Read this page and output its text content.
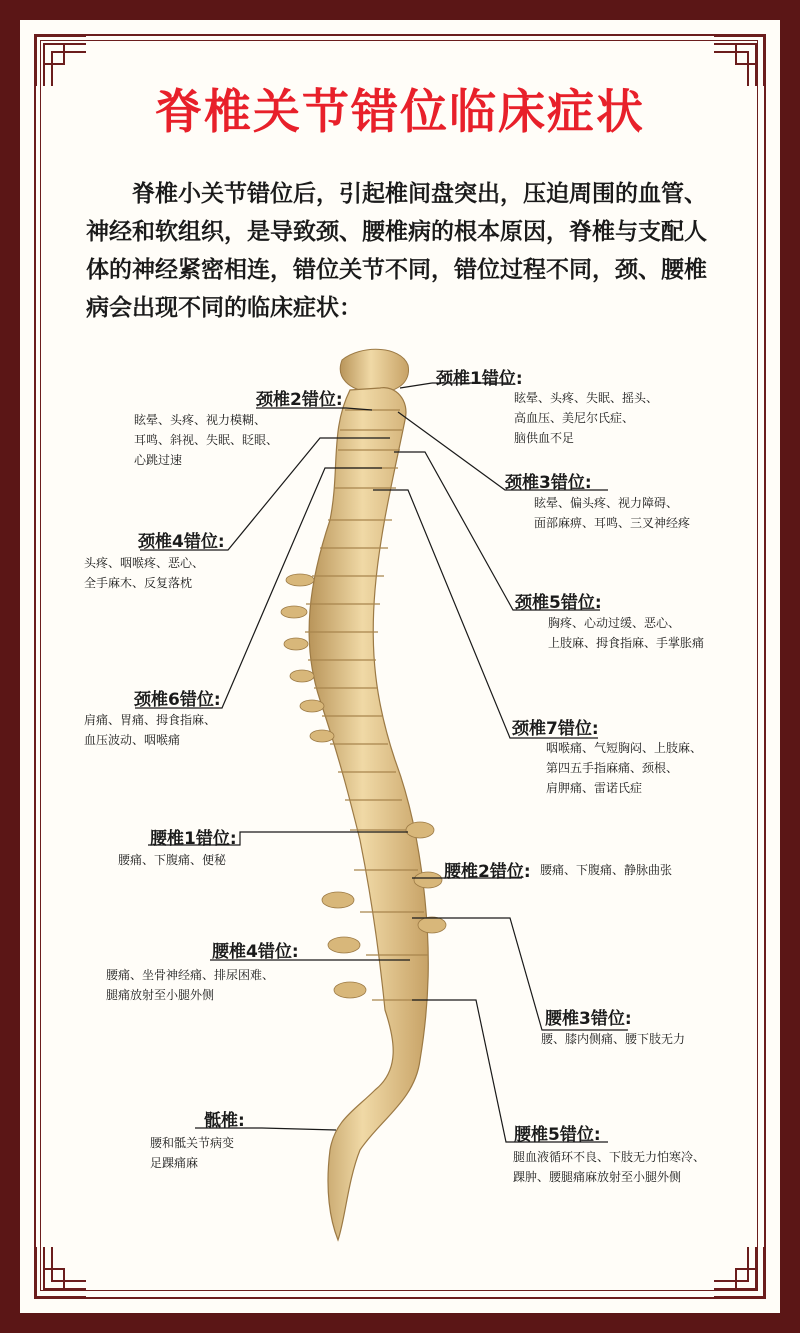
脊椎关节错位临床症状
脊椎小关节错位后，引起椎间盘突出，压迫周围的血管、神经和软组织，是导致颈、腰椎病的根本原因，脊椎与支配人体的神经紧密相连，错位关节不同，错位过程不同，颈、腰椎病会出现不同的临床症状：
颈椎1错位:
眩晕、头疼、失眠、摇头、
高血压、美尼尔氏症、
脑供血不足
颈椎2错位:
眩晕、头疼、视力模糊、
耳鸣、斜视、失眠、眨眼、
心跳过速
颈椎3错位:
眩晕、偏头疼、视力障碍、
面部麻痹、耳鸣、三叉神经疼
颈椎4错位:
头疼、咽喉疼、恶心、
全手麻木、反复落枕
颈椎5错位:
胸疼、心动过缓、恶心、
上肢麻、拇食指麻、手掌胀痛
颈椎6错位:
肩痛、胃痛、拇食指麻、
血压波动、咽喉痛
颈椎7错位:
咽喉痛、气短胸闷、上肢麻、
第四五手指麻痛、颈根、
肩胛痛、雷诺氏症
腰椎1错位:
腰痛、下腹痛、便秘
腰椎2错位: 腰痛、下腹痛、静脉曲张
腰椎4错位:
腰痛、坐骨神经痛、排尿困难、
腿痛放射至小腿外侧
腰椎3错位:
腰、膝内侧痛、腰下肢无力
骶椎:
腰和骶关节病变
足踝痛麻
腰椎5错位:
腿血液循环不良、下肢无力怕寒冷、
踝肿、腰腿痛麻放射至小腿外侧
